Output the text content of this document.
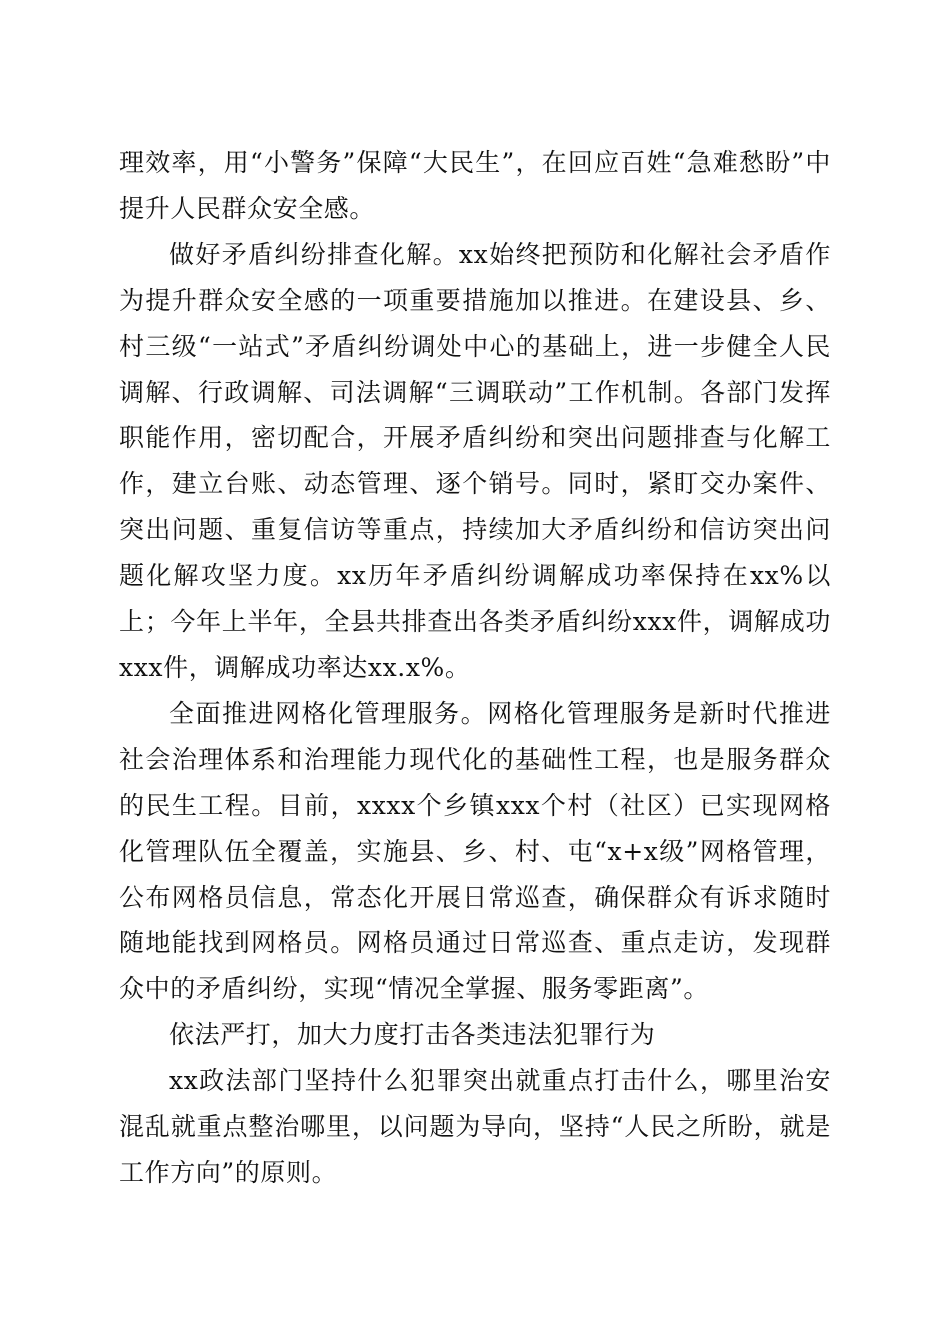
理效率，用“小警务”保障“大民生”，在回应百姓“急难愁盼”中提升人民群众安全感。

做好矛盾纠纷排查化解。xx始终把预防和化解社会矛盾作为提升群众安全感的一项重要措施加以推进。在建设县、乡、村三级“一站式”矛盾纠纷调处中心的基础上，进一步健全人民调解、行政调解、司法调解“三调联动”工作机制。各部门发挥职能作用，密切配合，开展矛盾纠纷和突出问题排查与化解工作，建立台账、动态管理、逐个销号。同时，紧盯交办案件、突出问题、重复信访等重点，持续加大矛盾纠纷和信访突出问题化解攻坚力度。xx历年矛盾纠纷调解成功率保持在xx%以上；今年上半年，全县共排查出各类矛盾纠纷xxx件，调解成功xxx件，调解成功率达xx.x%。

全面推进网格化管理服务。网格化管理服务是新时代推进社会治理体系和治理能力现代化的基础性工程，也是服务群众的民生工程。目前，xxxx个乡镇xxx个村（社区）已实现网格化管理队伍全覆盖，实施县、乡、村、屯“x+x级”网格管理，公布网格员信息，常态化开展日常巡查，确保群众有诉求随时随地能找到网格员。网格员通过日常巡查、重点走访，发现群众中的矛盾纠纷，实现“情况全掌握、服务零距离”。

依法严打，加大力度打击各类违法犯罪行为

xx政法部门坚持什么犯罪突出就重点打击什么，哪里治安混乱就重点整治哪里，以问题为导向，坚持“人民之所盼，就是工作方向”的原则。
